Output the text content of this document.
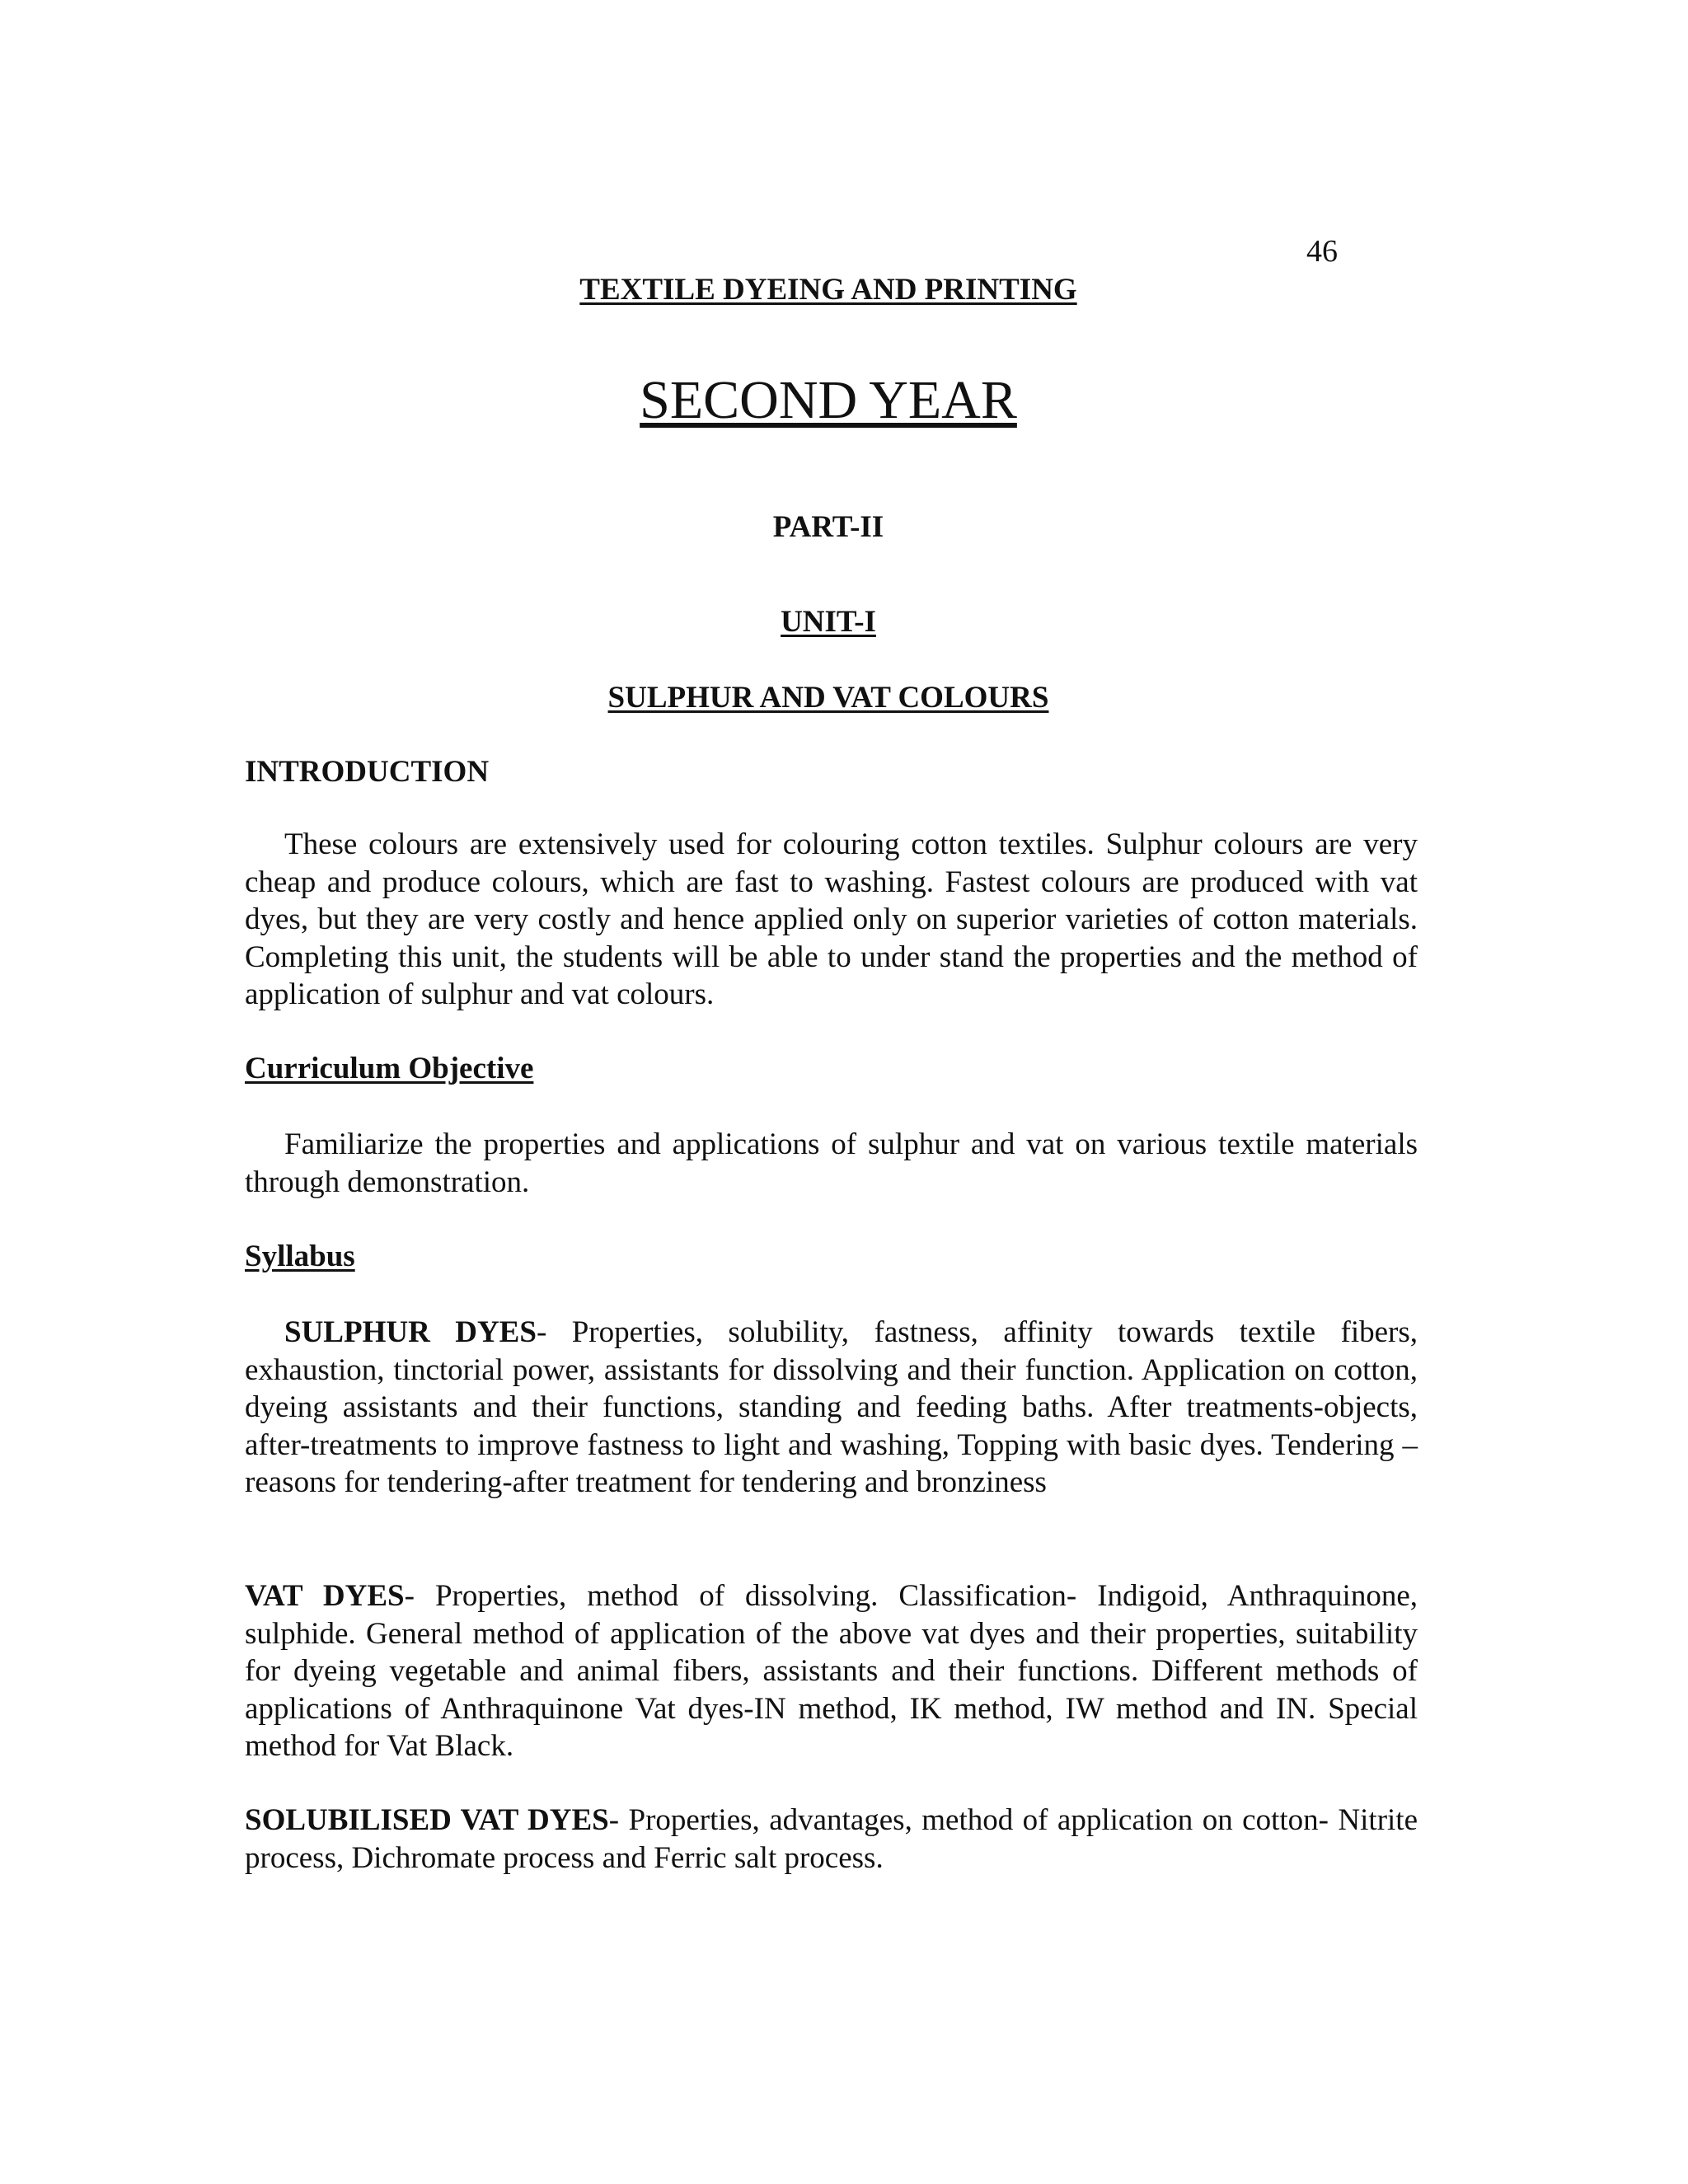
46
TEXTILE DYEING AND PRINTING
SECOND YEAR
PART-II
UNIT-I
SULPHUR AND VAT COLOURS
INTRODUCTION

These colours are extensively used for colouring cotton textiles. Sulphur colours are very cheap and produce colours, which are fast to washing. Fastest colours are produced with vat dyes, but they are very costly and hence applied only on superior varieties of cotton materials. Completing this unit, the students will be able to under stand the properties and the method of application of sulphur and vat colours.

Curriculum Objective

Familiarize the properties and applications of sulphur and vat on various textile materials through demonstration.

Syllabus

SULPHUR DYES- Properties, solubility, fastness, affinity towards textile fibers, exhaustion, tinctorial power, assistants for dissolving and their function. Application on cotton, dyeing assistants and their functions, standing and feeding baths. After treatments-objects, after-treatments to improve fastness to light and washing, Topping with basic dyes. Tendering – reasons for tendering-after treatment for tendering and bronziness

VAT DYES- Properties, method of dissolving. Classification- Indigoid, Anthraquinone, sulphide. General method of application of the above vat dyes and their properties, suitability for dyeing vegetable and animal fibers, assistants and their functions. Different methods of applications of Anthraquinone Vat dyes-IN method, IK method, IW method and IN. Special method for Vat Black.

SOLUBILISED VAT DYES- Properties, advantages, method of application on cotton- Nitrite process, Dichromate process and Ferric salt process.
